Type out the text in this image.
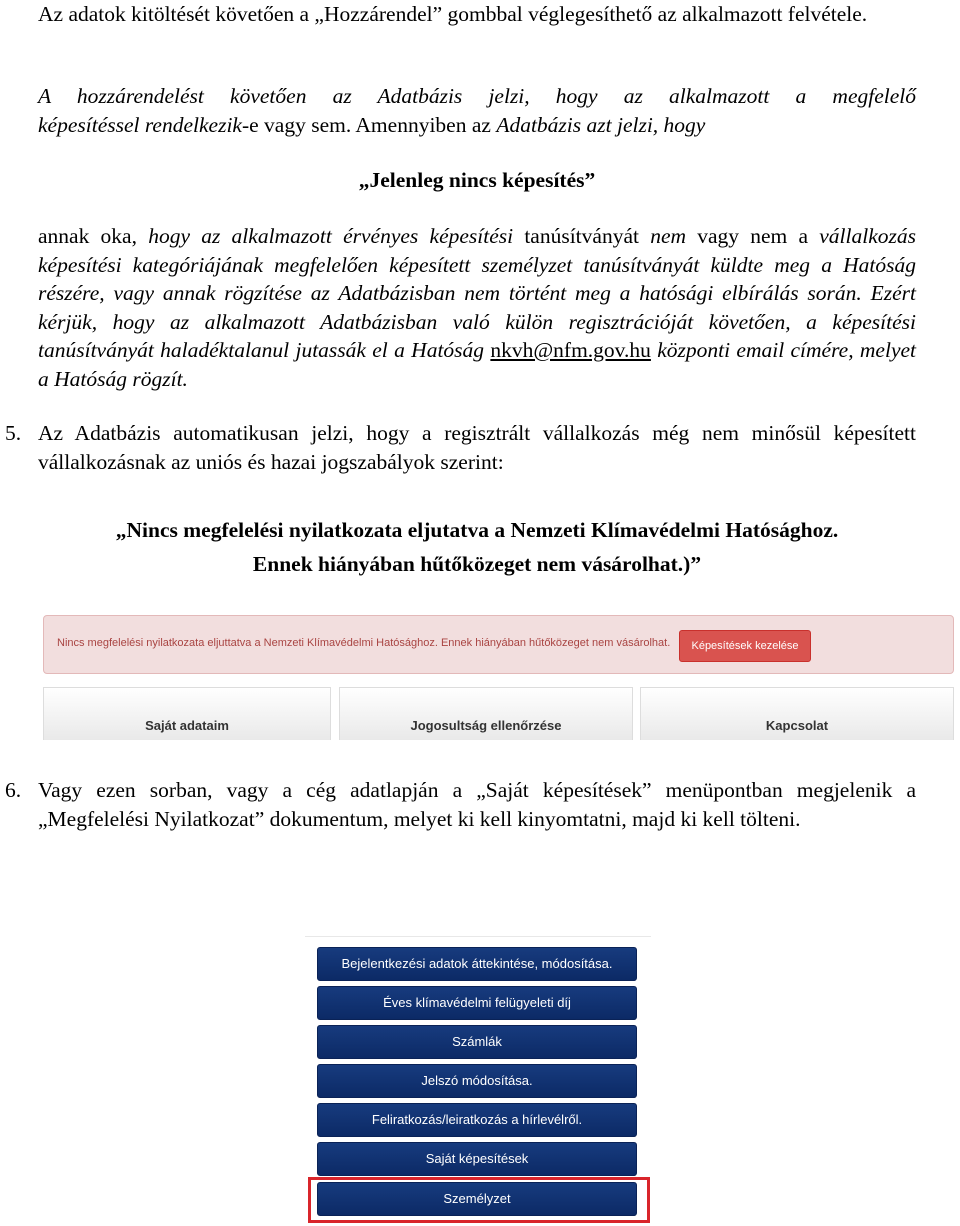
Az adatok kitöltését követően a „Hozzárendel” gombbal véglegesíthető az alkalmazott felvétele.

A hozzárendelést követően az Adatbázis jelzi, hogy az alkalmazott a megfelelő

képesítéssel rendelkezik-e vagy sem. Amennyiben az Adatbázis azt jelzi, hogy

„Jelenleg nincs képesítés”

annak oka, hogy az alkalmazott érvényes képesítési tanúsítványát nem vagy nem a vállalkozás képesítési kategóriájának megfelelően képesített személyzet tanúsítványát küldte meg a Hatóság részére, vagy annak rögzítése az Adatbázisban nem történt meg a hatósági elbírálás során. Ezért kérjük, hogy az alkalmazott Adatbázisban való külön regisztrációját követően, a képesítési tanúsítványát haladéktalanul jutassák el a Hatóság nkvh@nfm.gov.hu központi email címére, melyet a Hatóság rögzít.

5. Az Adatbázis automatikusan jelzi, hogy a regisztrált vállalkozás még nem minősül képesített vállalkozásnak az uniós és hazai jogszabályok szerint:

„Nincs megfelelési nyilatkozata eljutatva a Nemzeti Klímavédelmi Hatósághoz.

Ennek hiányában hűtőközeget nem vásárolhat.)”

6. Vagy ezen sorban, vagy a cég adatlapján a „Saját képesítések” menüpontban megjelenik a „Megfelelési Nyilatkozat” dokumentum, melyet ki kell kinyomtatni, majd ki kell tölteni.

Nincs megfelelési nyilatkozata eljuttatva a Nemzeti Klímavédelmi Hatósághoz. Ennek hiányában hűtőközeget nem vásárolhat.	Képesítések kezelése
Saját adataim	Jogosultság ellenőrzése	Kapcsolat
Bejelentkezési adatok áttekintése, módosítása.
Éves klímavédelmi felügyeleti díj
Számlák
Jelszó módosítása.
Feliratkozás/leiratkozás a hírlevélről.
Saját képesítések
Személyzet
